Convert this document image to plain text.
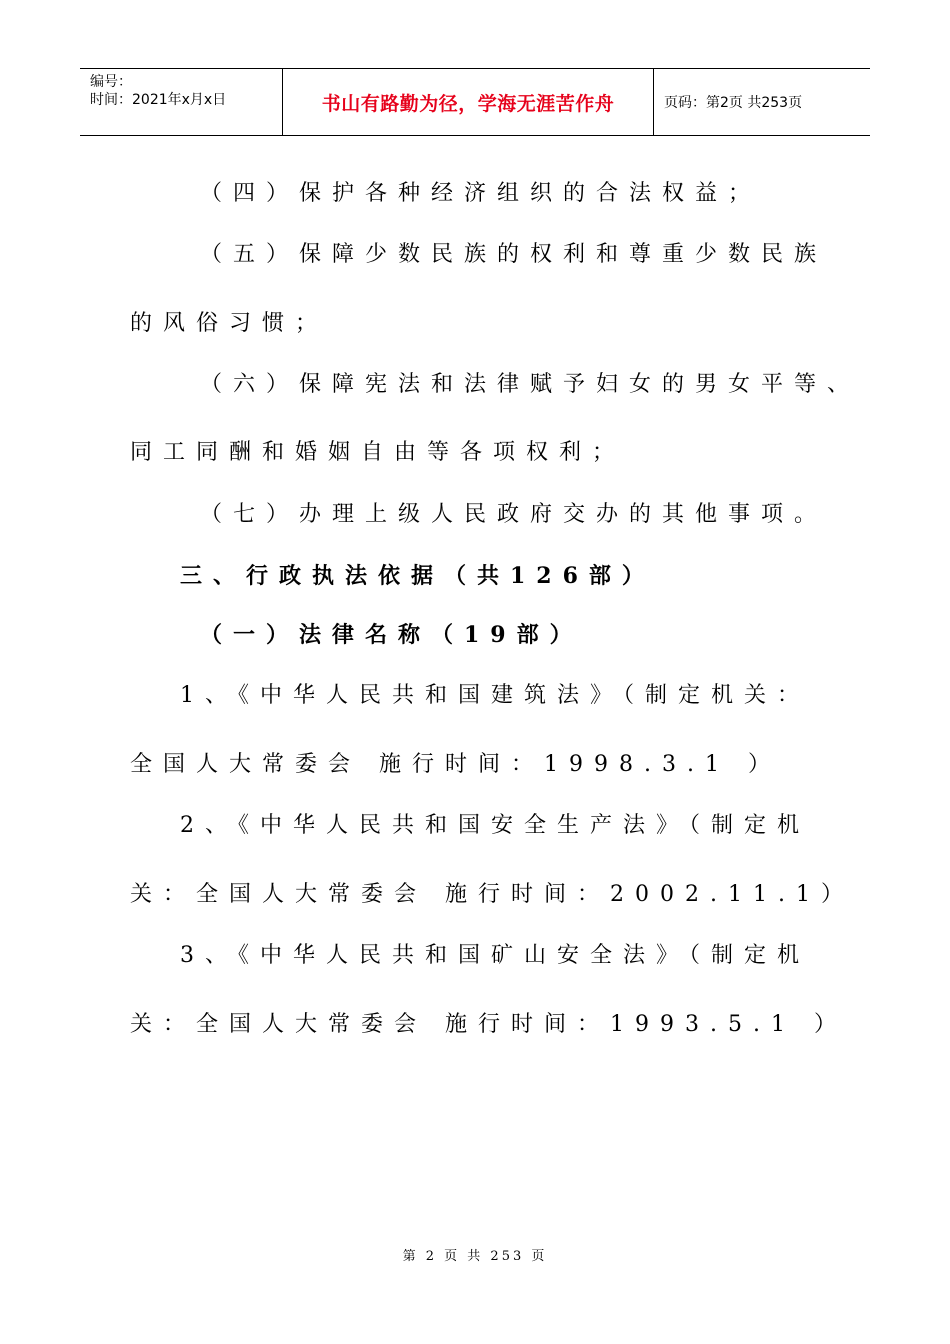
编号：
时间：2021年x月x日	书山有路勤为径，学海无涯苦作舟	页码：第2页 共253页
（四）保护各种经济组织的合法权益；
（五）保障少数民族的权利和尊重少数民族
的风俗习惯；
（六）保障宪法和法律赋予妇女的男女平等、
同工同酬和婚姻自由等各项权利；
（七）办理上级人民政府交办的其他事项。
三、行政执法依据（共126部）
（一）法律名称（19部）
1、《中华人民共和国建筑法》（制定机关：
全国人大常委会 施行时间：1998.3.1 ）
2、《中华人民共和国安全生产法》（制定机
关：全国人大常委会 施行时间：2002.11.1）
3、《中华人民共和国矿山安全法》（制定机
关：全国人大常委会 施行时间：1993.5.1 ）
第 2 页 共 253 页
